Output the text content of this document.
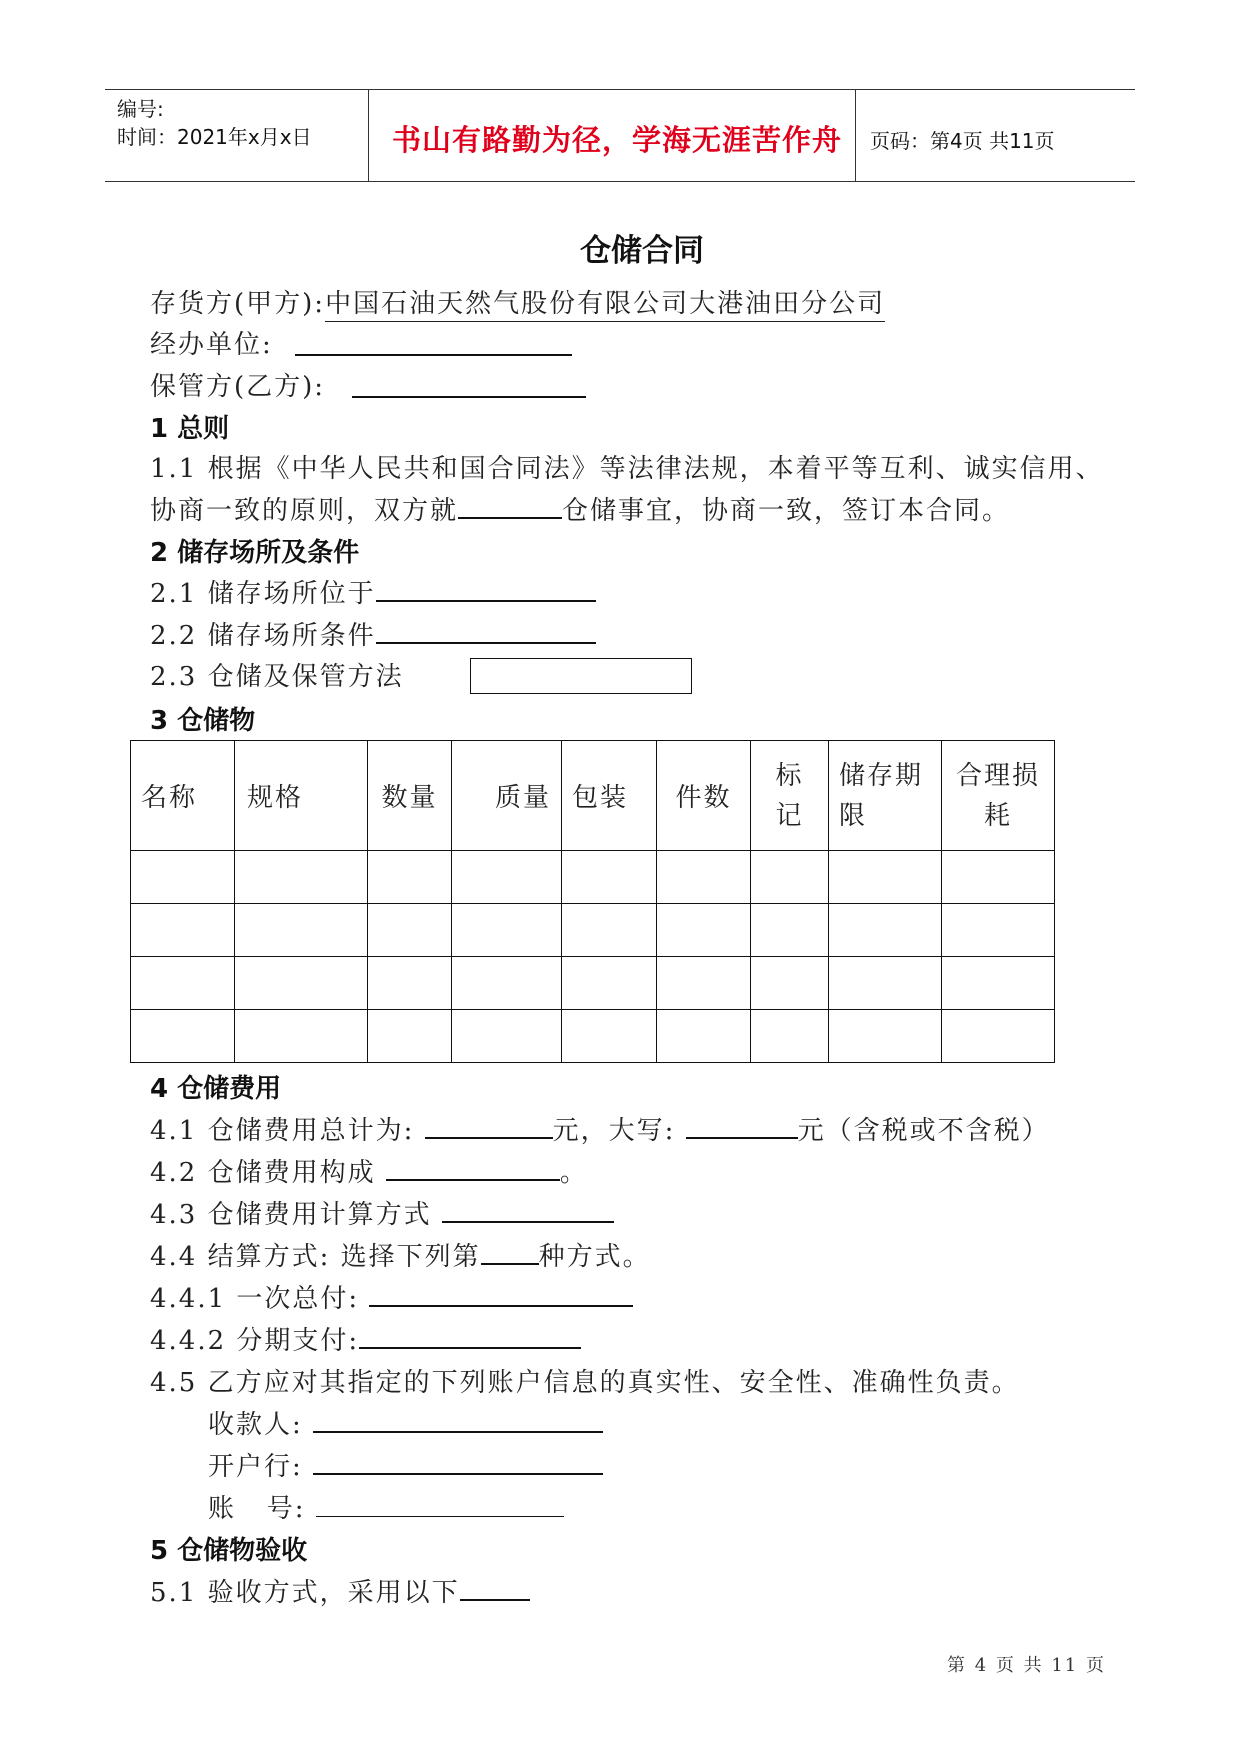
编号:
时间：2021年x月x日	书山有路勤为径，学海无涯苦作舟 页码：第4页 共11页
仓储合同
存货方(甲方):中国石油天然气股份有限公司大港油田分公司
经办单位:
保管方(乙方):
1 总则
1.1 根据《中华人民共和国合同法》等法律法规，本着平等互利、诚实信用、
协商一致的原则，双方就	仓储事宜，协商一致，签订本合同。
2 储存场所及条件
2.1 储存场所位于
2.2 储存场所条件
2.3 仓储及保管方法
3 仓储物
名称	规格	数量	质量	包装	件数	标记	储存期限	合理损耗

4 仓储费用
4.1 仓储费用总计为:	元，大写:	元（含税或不含税）
4.2 仓储费用构成	。
4.3 仓储费用计算方式
4.4 结算方式: 选择下列第 种方式。
4.4.1 一次总付:
4.4.2 分期支付:
4.5 乙方应对其指定的下列账户信息的真实性、安全性、准确性负责。
收款人:
开户行:
账   号:
5 仓储物验收
5.1 验收方式，采用以下
第 4 页 共 11 页
